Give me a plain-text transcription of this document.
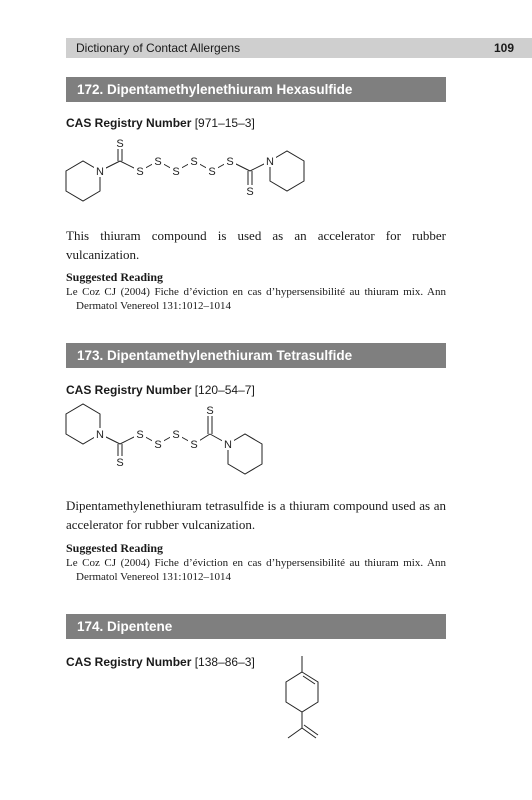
Dictionary of Contact Allergens	109
172. Dipentamethylenethiuram Hexasulfide
CAS Registry Number [971–15–3]
N
S
S
S
S
S
S
S
S
N

This thiuram compound is used as an accelerator for rubber vulcanization.

Suggested Reading

Le Coz CJ (2004) Fiche d’éviction en cas d’hypersensibilité au thiuram mix. Ann Dermatol Venereol 131:1012–1014

173. Dipentamethylenethiuram Tetrasulfide
CAS Registry Number [120–54–7]
N
S
S
S
S
S
S
N

Dipentamethylenethiuram tetrasulfide is a thiuram compound used as an accelerator for rubber vulcanization.

Suggested Reading

Le Coz CJ (2004) Fiche d’éviction en cas d’hypersensibilité au thiuram mix. Ann Dermatol Venereol 131:1012–1014

174. Dipentene
CAS Registry Number [138–86–3]
